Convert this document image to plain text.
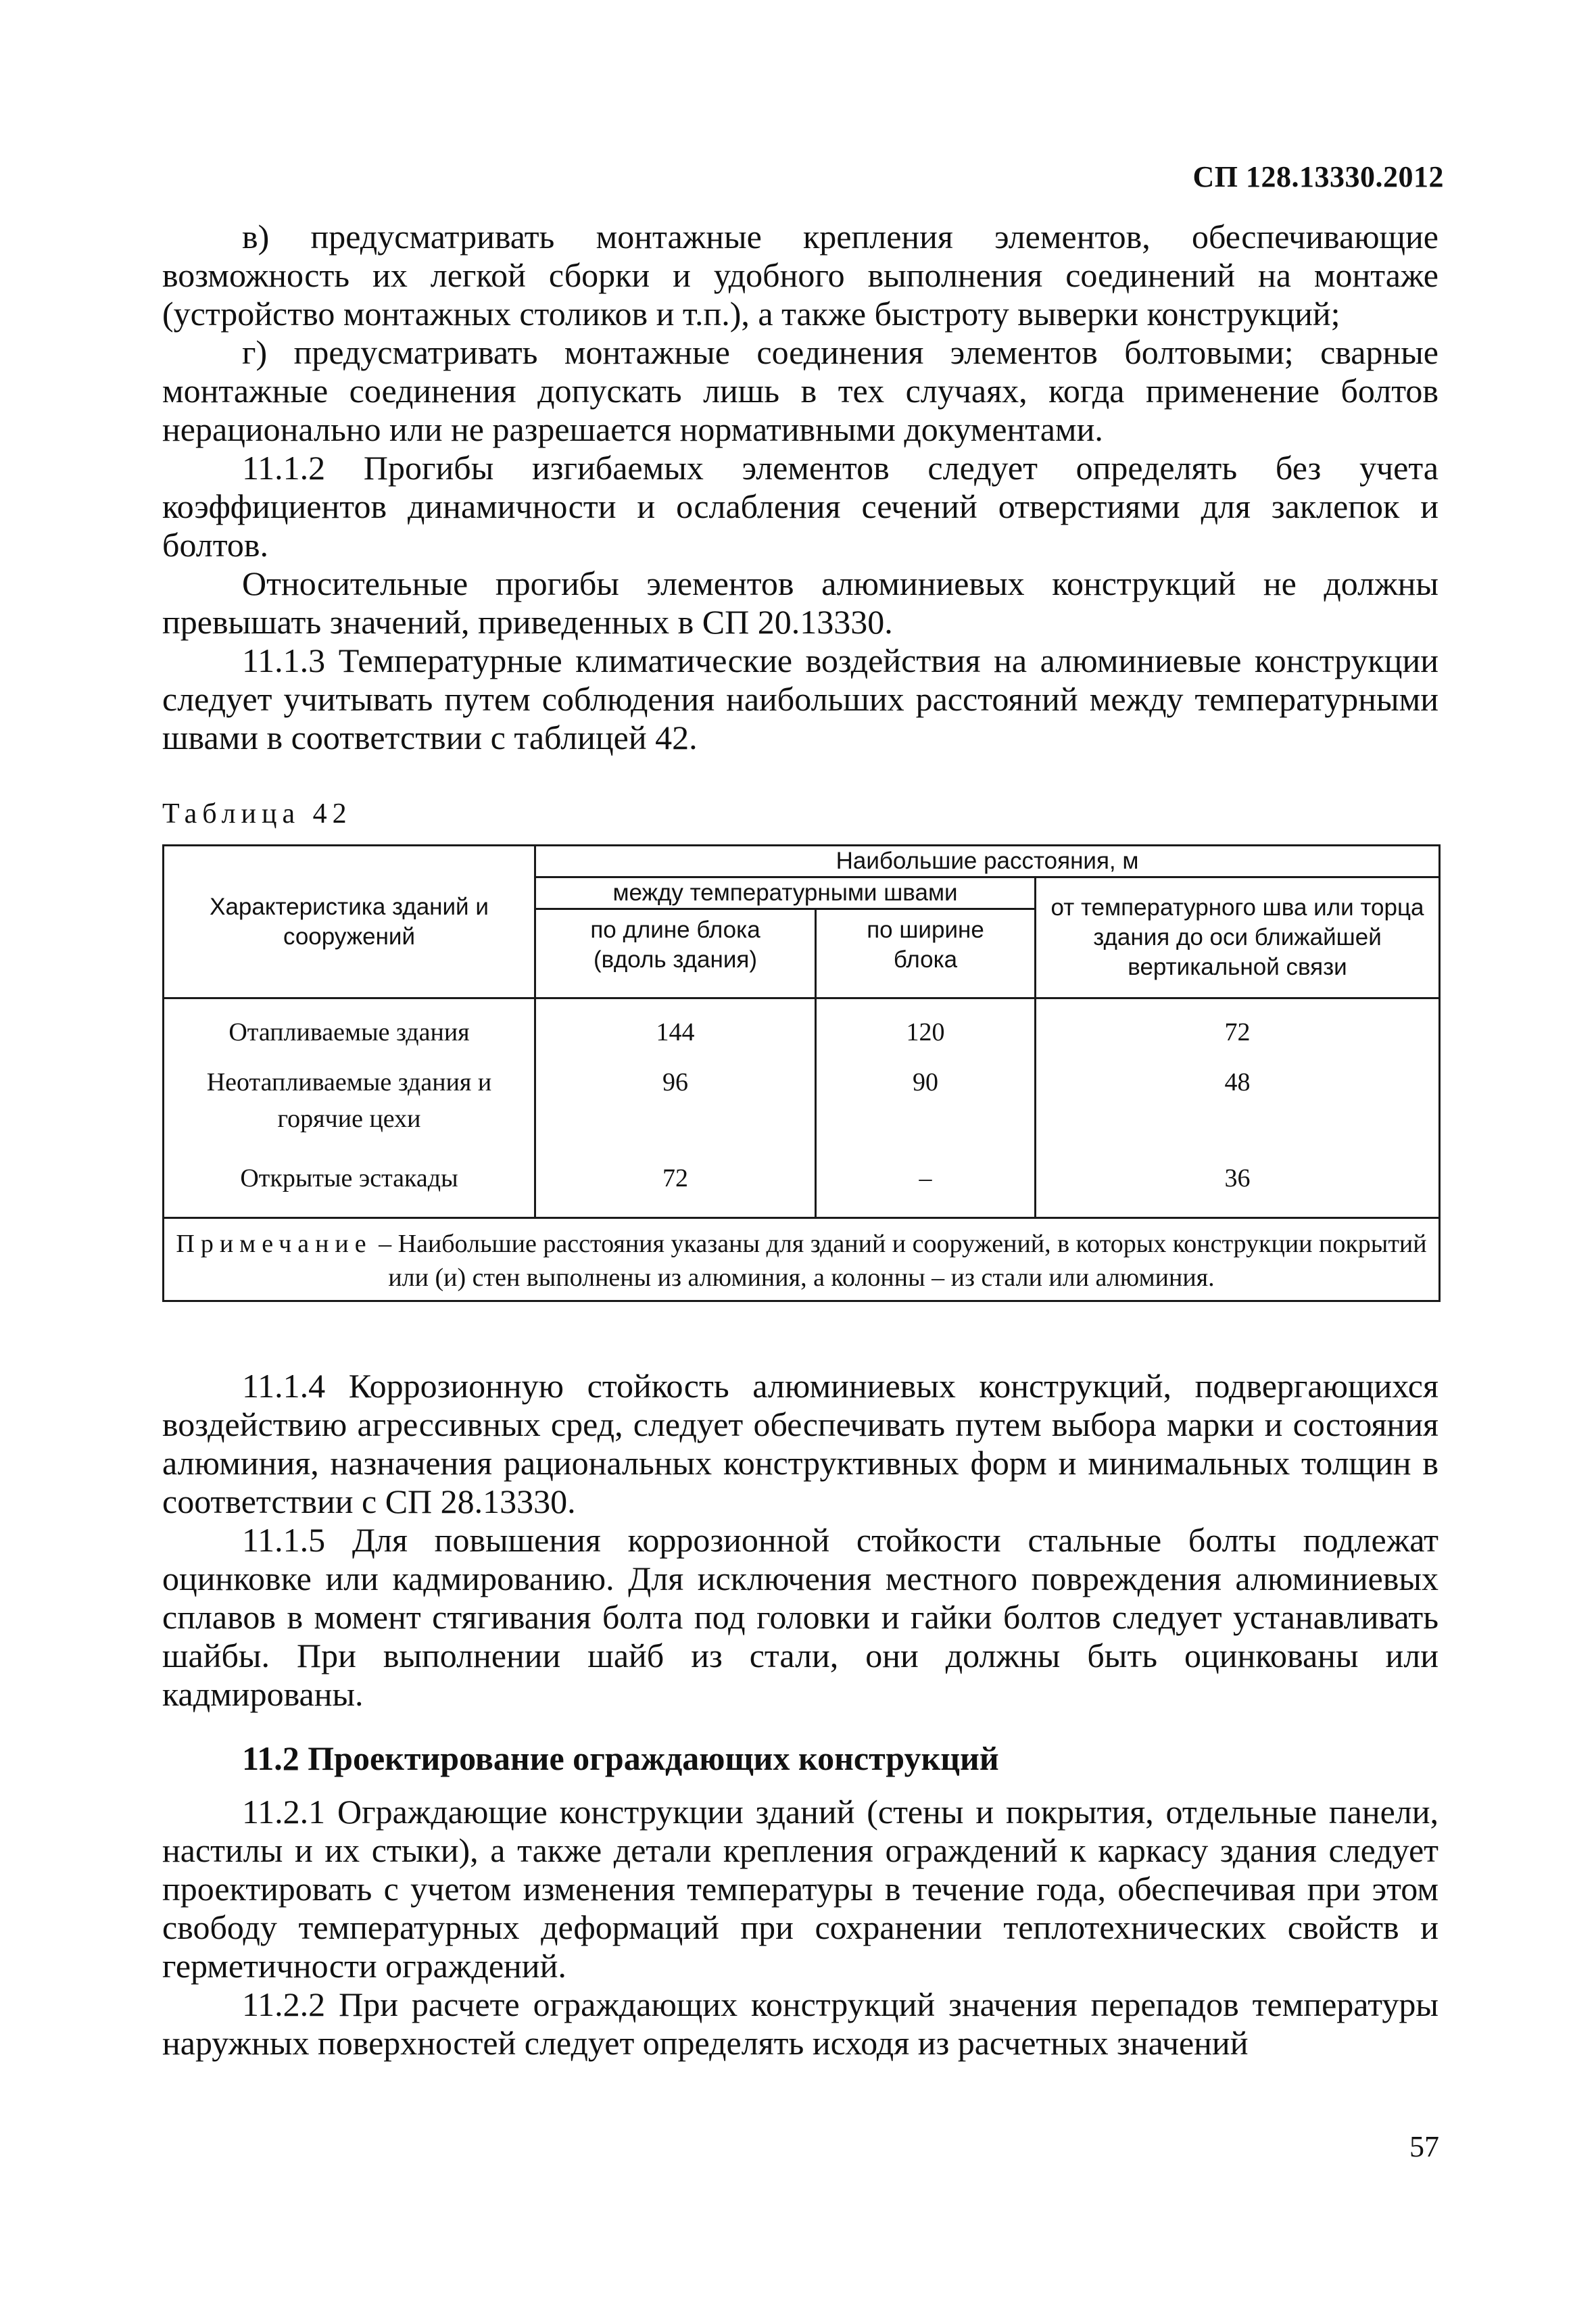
СП 128.13330.2012

в) предусматривать монтажные крепления элементов, обеспечивающие возможность их легкой сборки и удобного выполнения соединений на монтаже (устройство монтажных столиков и т.п.), а также быстроту выверки конструкций;

г) предусматривать монтажные соединения элементов болтовыми; сварные монтажные соединения допускать лишь в тех случаях, когда применение болтов нерационально или не разрешается нормативными документами.

11.1.2 Прогибы изгибаемых элементов следует определять без учета коэффициентов динамичности и ослабления сечений отверстиями для заклепок и болтов.

Относительные прогибы элементов алюминиевых конструкций не должны превышать значений, приведенных в СП 20.13330.

11.1.3 Температурные климатические воздействия на алюминиевые конструкции следует учитывать путем соблюдения наибольших расстояний между температурными швами в соответствии с таблицей 42.

Таблица 42
Характеристика зданий и сооружений	Наибольшие расстояния, м		
	между температурными швами		от температурного шва или торца здания до оси ближайшей вертикальной связи
	по длине блока (вдоль здания)	по ширине блока	
Отапливаемые здания	144	120	72
Неотапливаемые здания и горячие цехи	96	90	48
Открытые эстакады	72	–	36
Примечание – Наибольшие расстояния указаны для зданий и сооружений, в которых конструкции покрытий или (и) стен выполнены из алюминия, а колонны – из стали или алюминия.			

11.1.4 Коррозионную стойкость алюминиевых конструкций, подвергающихся воздействию агрессивных сред, следует обеспечивать путем выбора марки и состояния алюминия, назначения рациональных конструктивных форм и минимальных толщин в соответствии с СП 28.13330.

11.1.5 Для повышения коррозионной стойкости стальные болты подлежат оцинковке или кадмированию. Для исключения местного повреждения алюминиевых сплавов в момент стягивания болта под головки и гайки болтов следует устанавливать шайбы. При выполнении шайб из стали, они должны быть оцинкованы или кадмированы.

11.2 Проектирование ограждающих конструкций

11.2.1 Ограждающие конструкции зданий (стены и покрытия, отдельные панели, настилы и их стыки), а также детали крепления ограждений к каркасу здания следует проектировать с учетом изменения температуры в течение года, обеспечивая при этом свободу температурных деформаций при сохранении теплотехнических свойств и герметичности ограждений.

11.2.2 При расчете ограждающих конструкций значения перепадов температуры наружных поверхностей следует определять исходя из расчетных значений

57
